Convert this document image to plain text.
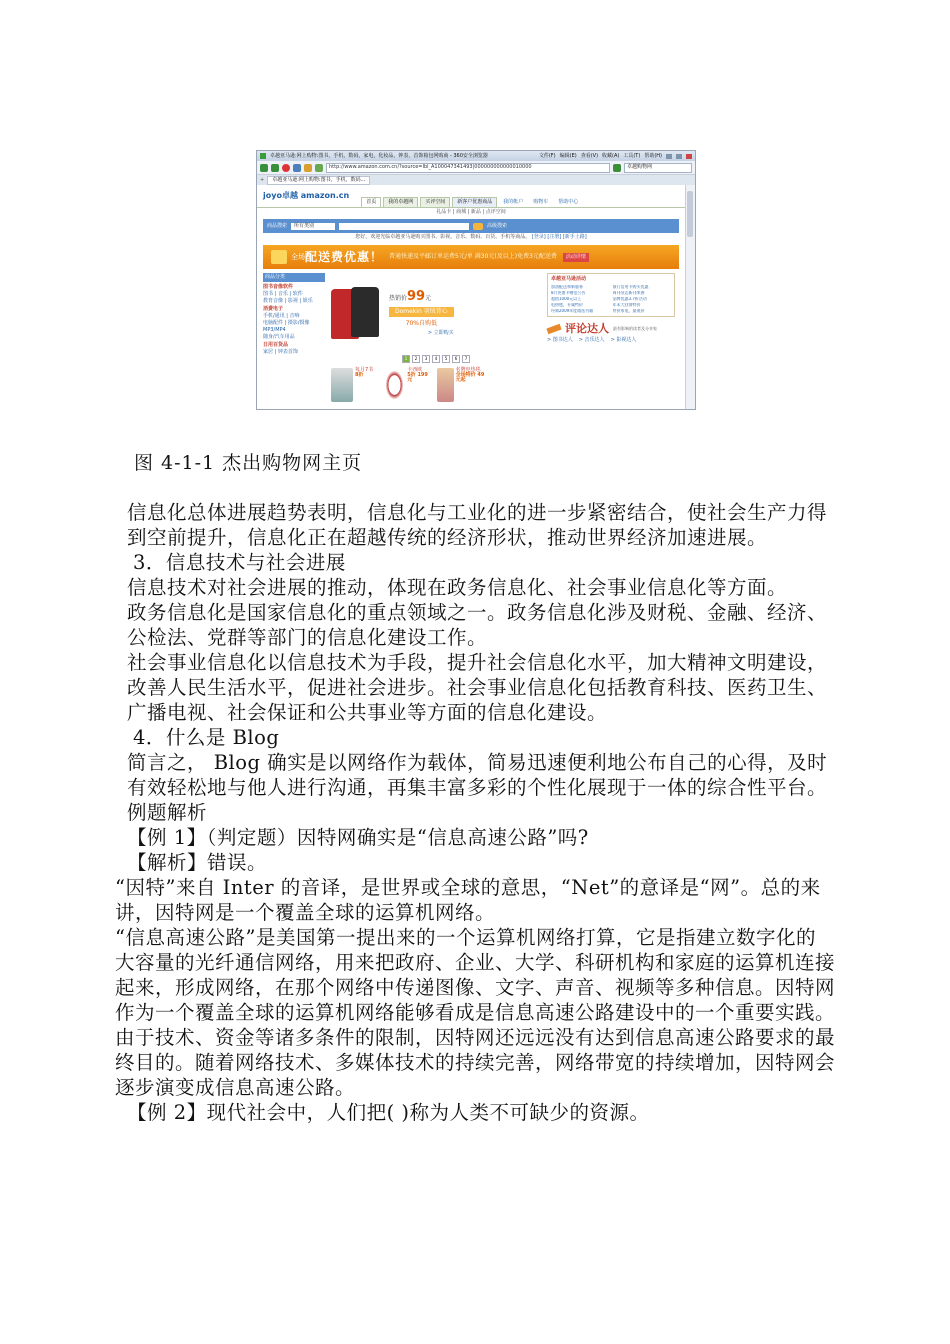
卓越亚马逊:网上购物:图书，手机，数码，家电，化妆品，钟表，首饰箱包网购商 - 360安全浏览器	文件(F) 编辑(E) 查看(V) 收藏(A) 工具(T) 帮助(H)
http://www.amazon.com.cn/?source=Ibl_A100047341493|000000000000010000	卓越购物网
+	卓越亚马逊:网上购物:图书，手机，数码...
joyo卓越 amazon.cn
首页	我的卓越网	买评空间	新客户优惠商品	我的帐户	购物车	帮助中心
礼品卡 | 商城 | 新品 | 点评空间
商品搜索	所有类别	高级搜索
您好，欢迎光临卓越亚马逊购买图书、影视、音乐、数码、百货、手机等商品。 [登录] [注册] [新手上路]
全场 配送费优惠！ 普通快递及平邮订单运费5元/单 满30元(及以上)免费3元配送费	活动详情
商品分类
图书音像软件
图书 | 音乐 | 软件
教育音像 | 影视 | 娱乐
消费电子
手机/通讯 | 音响
电脑配件 | 摄影/摄像
MP3/MP4
随身/汽车用品
日用百货品
家居 | 钟表首饰
热销价99元
Domekin 羽绒背心
70%自购低
> 立即购买
1	2	3	4	5	6	7
每月7书
8折
卡西欧
5折 199元
名牌电热毯
全场特价 49元起
卓越亚马逊活动
加油配送和新服务	银行信用卡购买优惠
8月充值卡赠送公告	周刊杂志新刊来袭
超值1000元以上	品牌优惠3.7折活动
电热毯，专属特价	年末大回馈特价
经典2009年度精选书籍	特价家电，最低价
评论达人 最有影响的读者及分享家
> 图书达人 > 音乐达人 > 影视达人
图 4-1-1 杰出购物网主页

信息化总体进展趋势表明，信息化与工业化的进一步紧密结合，使社会生产力得到空前提升，信息化正在超越传统的经济形状，推动世界经济加速进展。

3．信息技术与社会进展

信息技术对社会进展的推动，体现在政务信息化、社会事业信息化等方面。

政务信息化是国家信息化的重点领域之一。政务信息化涉及财税、金融、经济、公检法、党群等部门的信息化建设工作。

社会事业信息化以信息技术为手段，提升社会信息化水平，加大精神文明建设，改善人民生活水平，促进社会进步。社会事业信息化包括教育科技、医药卫生、广播电视、社会保证和公共事业等方面的信息化建设。

4．什么是 Blog

简言之， Blog 确实是以网络作为载体，简易迅速便利地公布自己的心得，及时有效轻松地与他人进行沟通，再集丰富多彩的个性化展现于一体的综合性平台。

例题解析

【例 1】（判定题）因特网确实是“信息高速公路”吗?

【解析】错误。

“因特”来自 Inter 的音译，是世界或全球的意思，“Net”的意译是“网”。总的来讲，因特网是一个覆盖全球的运算机网络。

“信息高速公路”是美国第一提出来的一个运算机网络打算，它是指建立数字化的大容量的光纤通信网络，用来把政府、企业、大学、科研机构和家庭的运算机连接起来，形成网络，在那个网络中传递图像、文字、声音、视频等多种信息。因特网作为一个覆盖全球的运算机网络能够看成是信息高速公路建设中的一个重要实践。由于技术、资金等诸多条件的限制，因特网还远远没有达到信息高速公路要求的最终目的。随着网络技术、多媒体技术的持续完善，网络带宽的持续增加，因特网会逐步演变成信息高速公路。

【例 2】现代社会中，人们把( )称为人类不可缺少的资源。
